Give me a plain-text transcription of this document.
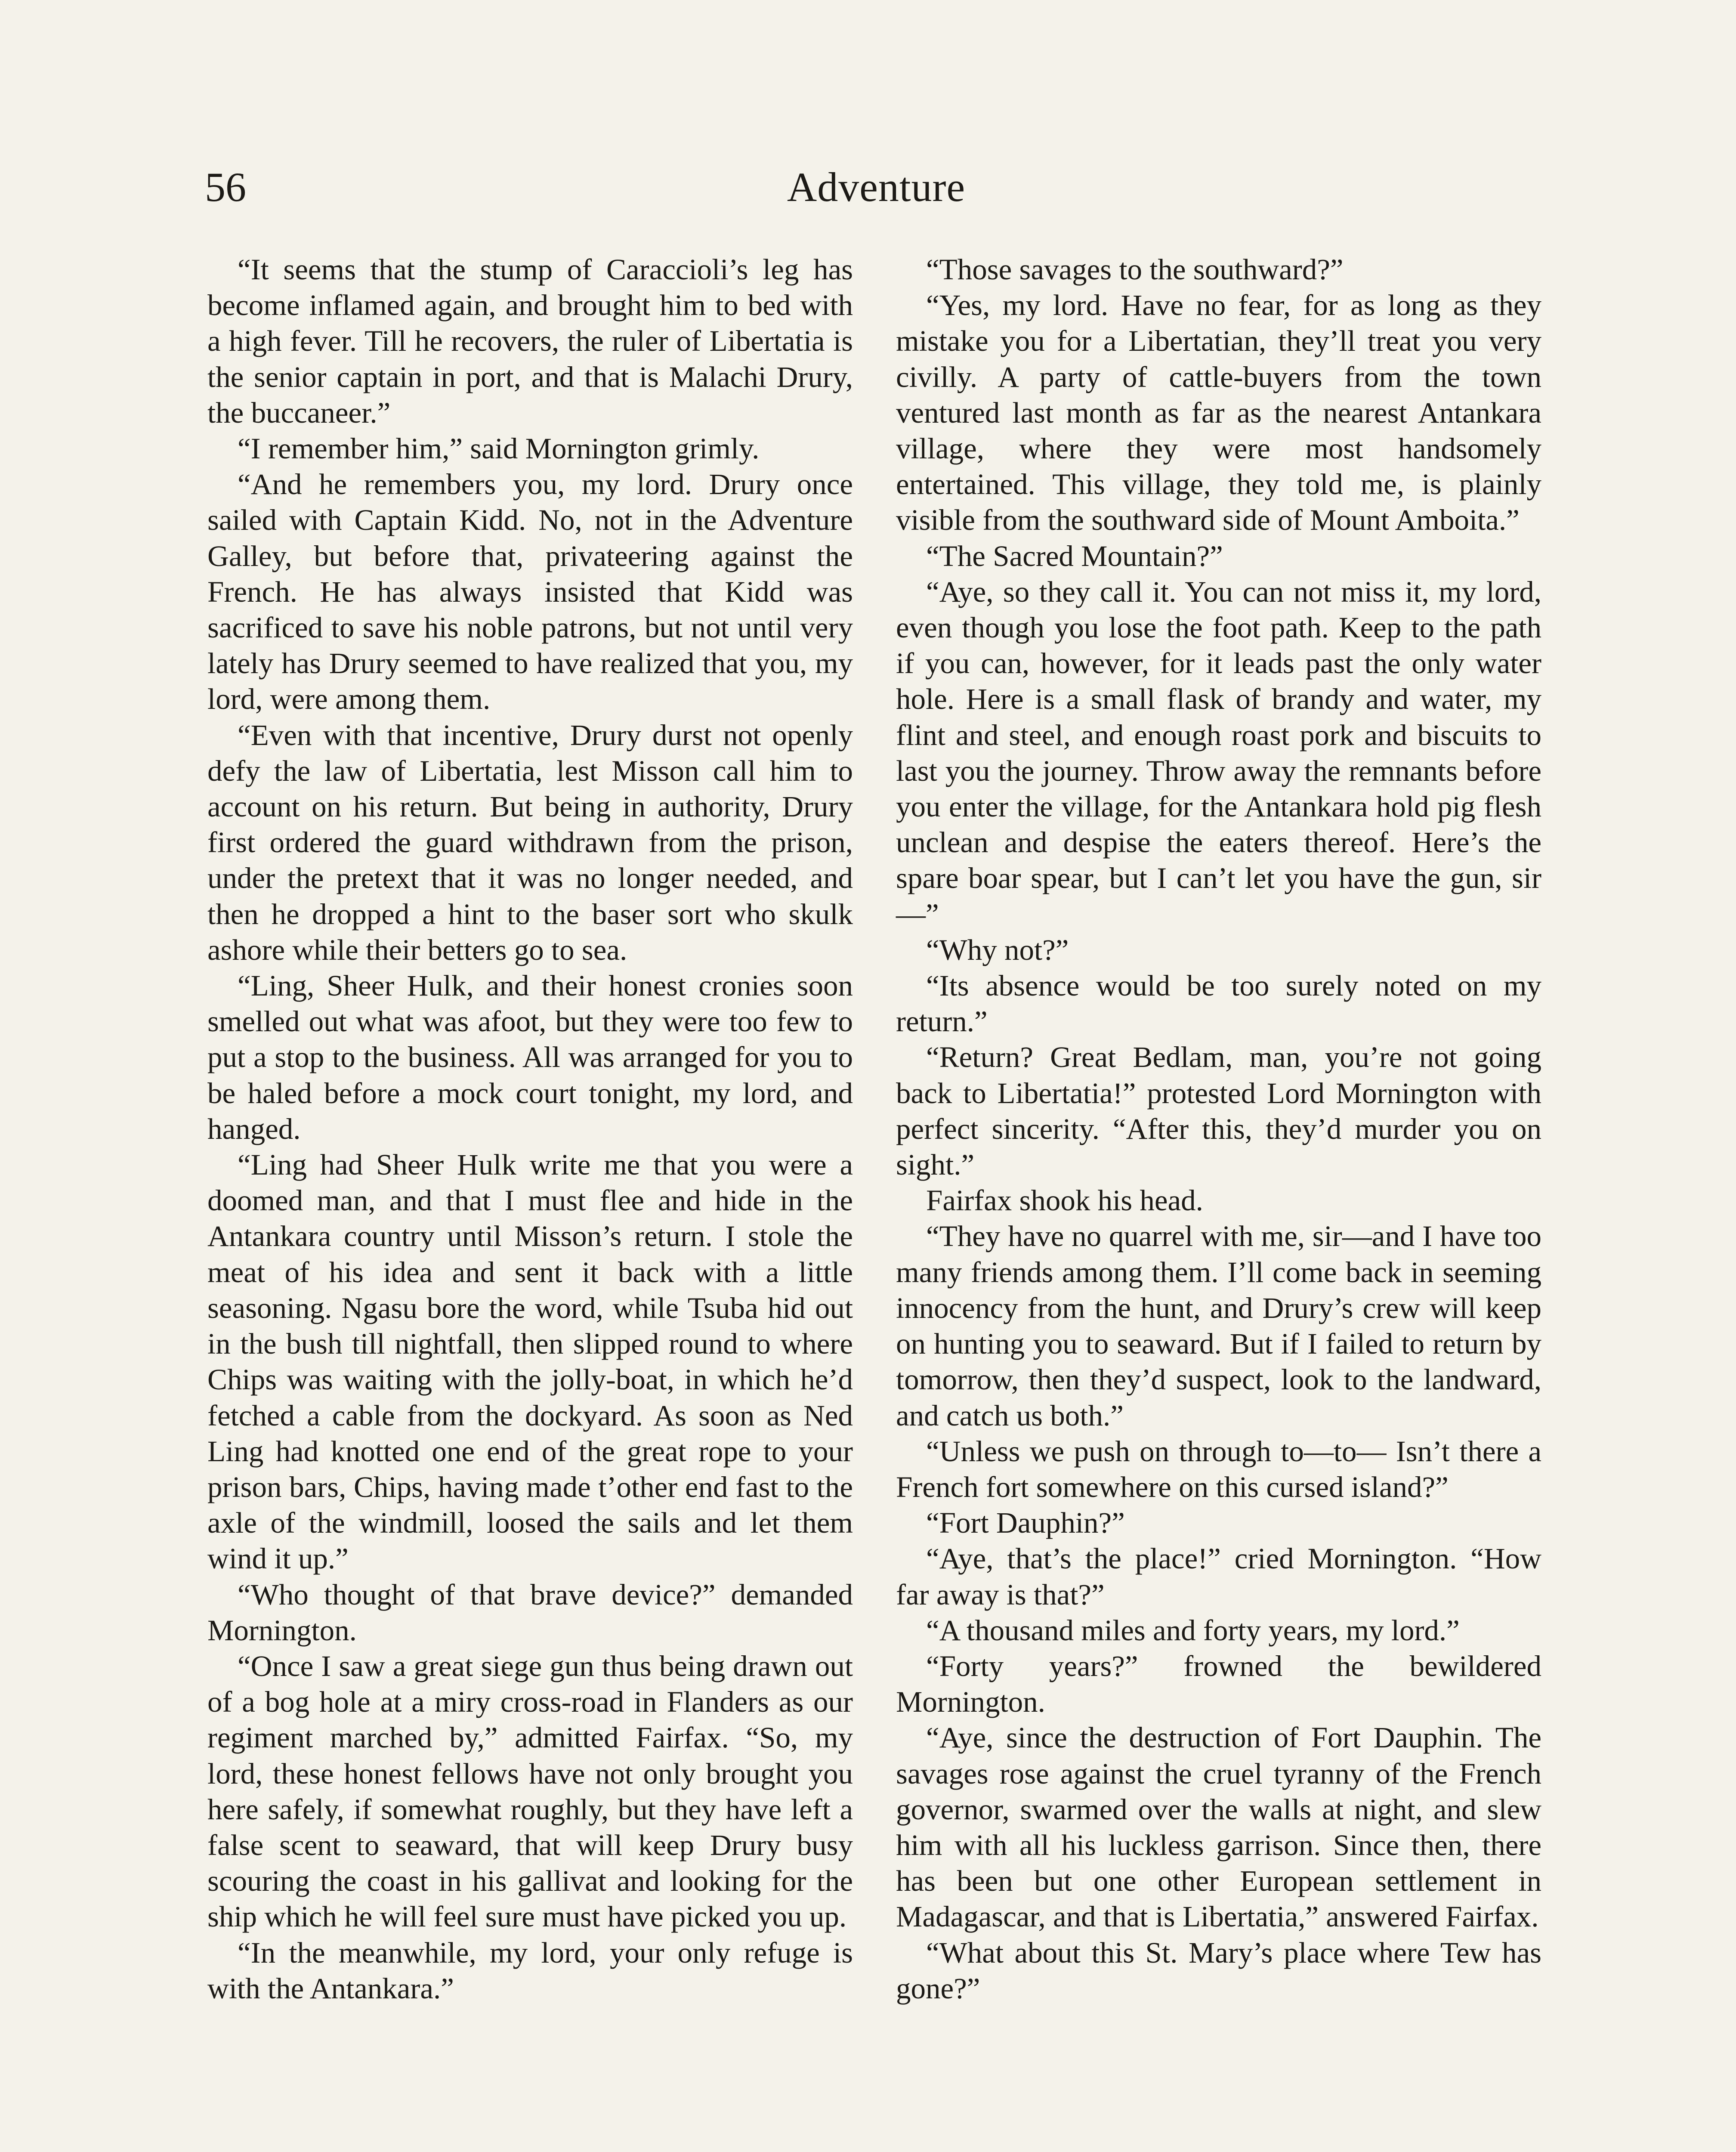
56	Adventure

“It seems that the stump of Caraccioli’s leg has become inflamed again, and brought him to bed with a high fever. Till he recovers, the ruler of Libertatia is the senior captain in port, and that is Malachi Drury, the buccaneer.”

“I remember him,” said Mornington grimly.

“And he remembers you, my lord. Drury once sailed with Captain Kidd. No, not in the Adventure Galley, but before that, privateering against the French. He has always insisted that Kidd was sacrificed to save his noble patrons, but not until very lately has Drury seemed to have realized that you, my lord, were among them.

“Even with that incentive, Drury durst not openly defy the law of Libertatia, lest Misson call him to account on his return. But being in authority, Drury first ordered the guard withdrawn from the prison, under the pretext that it was no longer needed, and then he dropped a hint to the baser sort who skulk ashore while their betters go to sea.

“Ling, Sheer Hulk, and their honest cronies soon smelled out what was afoot, but they were too few to put a stop to the business. All was arranged for you to be haled before a mock court tonight, my lord, and hanged.

“Ling had Sheer Hulk write me that you were a doomed man, and that I must flee and hide in the Antankara country until Misson’s return. I stole the meat of his idea and sent it back with a little seasoning. Ngasu bore the word, while Tsuba hid out in the bush till nightfall, then slipped round to where Chips was waiting with the jolly-boat, in which he’d fetched a cable from the dockyard. As soon as Ned Ling had knotted one end of the great rope to your prison bars, Chips, having made t’other end fast to the axle of the windmill, loosed the sails and let them wind it up.”

“Who thought of that brave device?” demanded Mornington.

“Once I saw a great siege gun thus being drawn out of a bog hole at a miry cross-road in Flanders as our regiment marched by,” admitted Fairfax. “So, my lord, these honest fellows have not only brought you here safely, if somewhat roughly, but they have left a false scent to seaward, that will keep Drury busy scouring the coast in his gallivat and looking for the ship which he will feel sure must have picked you up.

“In the meanwhile, my lord, your only refuge is with the Antankara.”

“Those savages to the southward?”

“Yes, my lord. Have no fear, for as long as they mistake you for a Libertatian, they’ll treat you very civilly. A party of cattle-buyers from the town ventured last month as far as the nearest Antankara village, where they were most handsomely entertained. This village, they told me, is plainly visible from the southward side of Mount Amboita.”

“The Sacred Mountain?”

“Aye, so they call it. You can not miss it, my lord, even though you lose the foot path. Keep to the path if you can, however, for it leads past the only water hole. Here is a small flask of brandy and water, my flint and steel, and enough roast pork and biscuits to last you the journey. Throw away the remnants before you enter the village, for the Antankara hold pig flesh unclean and despise the eaters thereof. Here’s the spare boar spear, but I can’t let you have the gun, sir—”

“Why not?”

“Its absence would be too surely noted on my return.”

“Return? Great Bedlam, man, you’re not going back to Libertatia!” protested Lord Mornington with perfect sincerity. “After this, they’d murder you on sight.”

Fairfax shook his head.

“They have no quarrel with me, sir—and I have too many friends among them. I’ll come back in seeming innocency from the hunt, and Drury’s crew will keep on hunting you to seaward. But if I failed to return by tomorrow, then they’d suspect, look to the landward, and catch us both.”

“Unless we push on through to—to— Isn’t there a French fort somewhere on this cursed island?”

“Fort Dauphin?”

“Aye, that’s the place!” cried Mornington. “How far away is that?”

“A thousand miles and forty years, my lord.”

“Forty years?” frowned the bewildered Mornington.

“Aye, since the destruction of Fort Dauphin. The savages rose against the cruel tyranny of the French governor, swarmed over the walls at night, and slew him with all his luckless garrison. Since then, there has been but one other European settlement in Madagascar, and that is Libertatia,” answered Fairfax.

“What about this St. Mary’s place where Tew has gone?”
